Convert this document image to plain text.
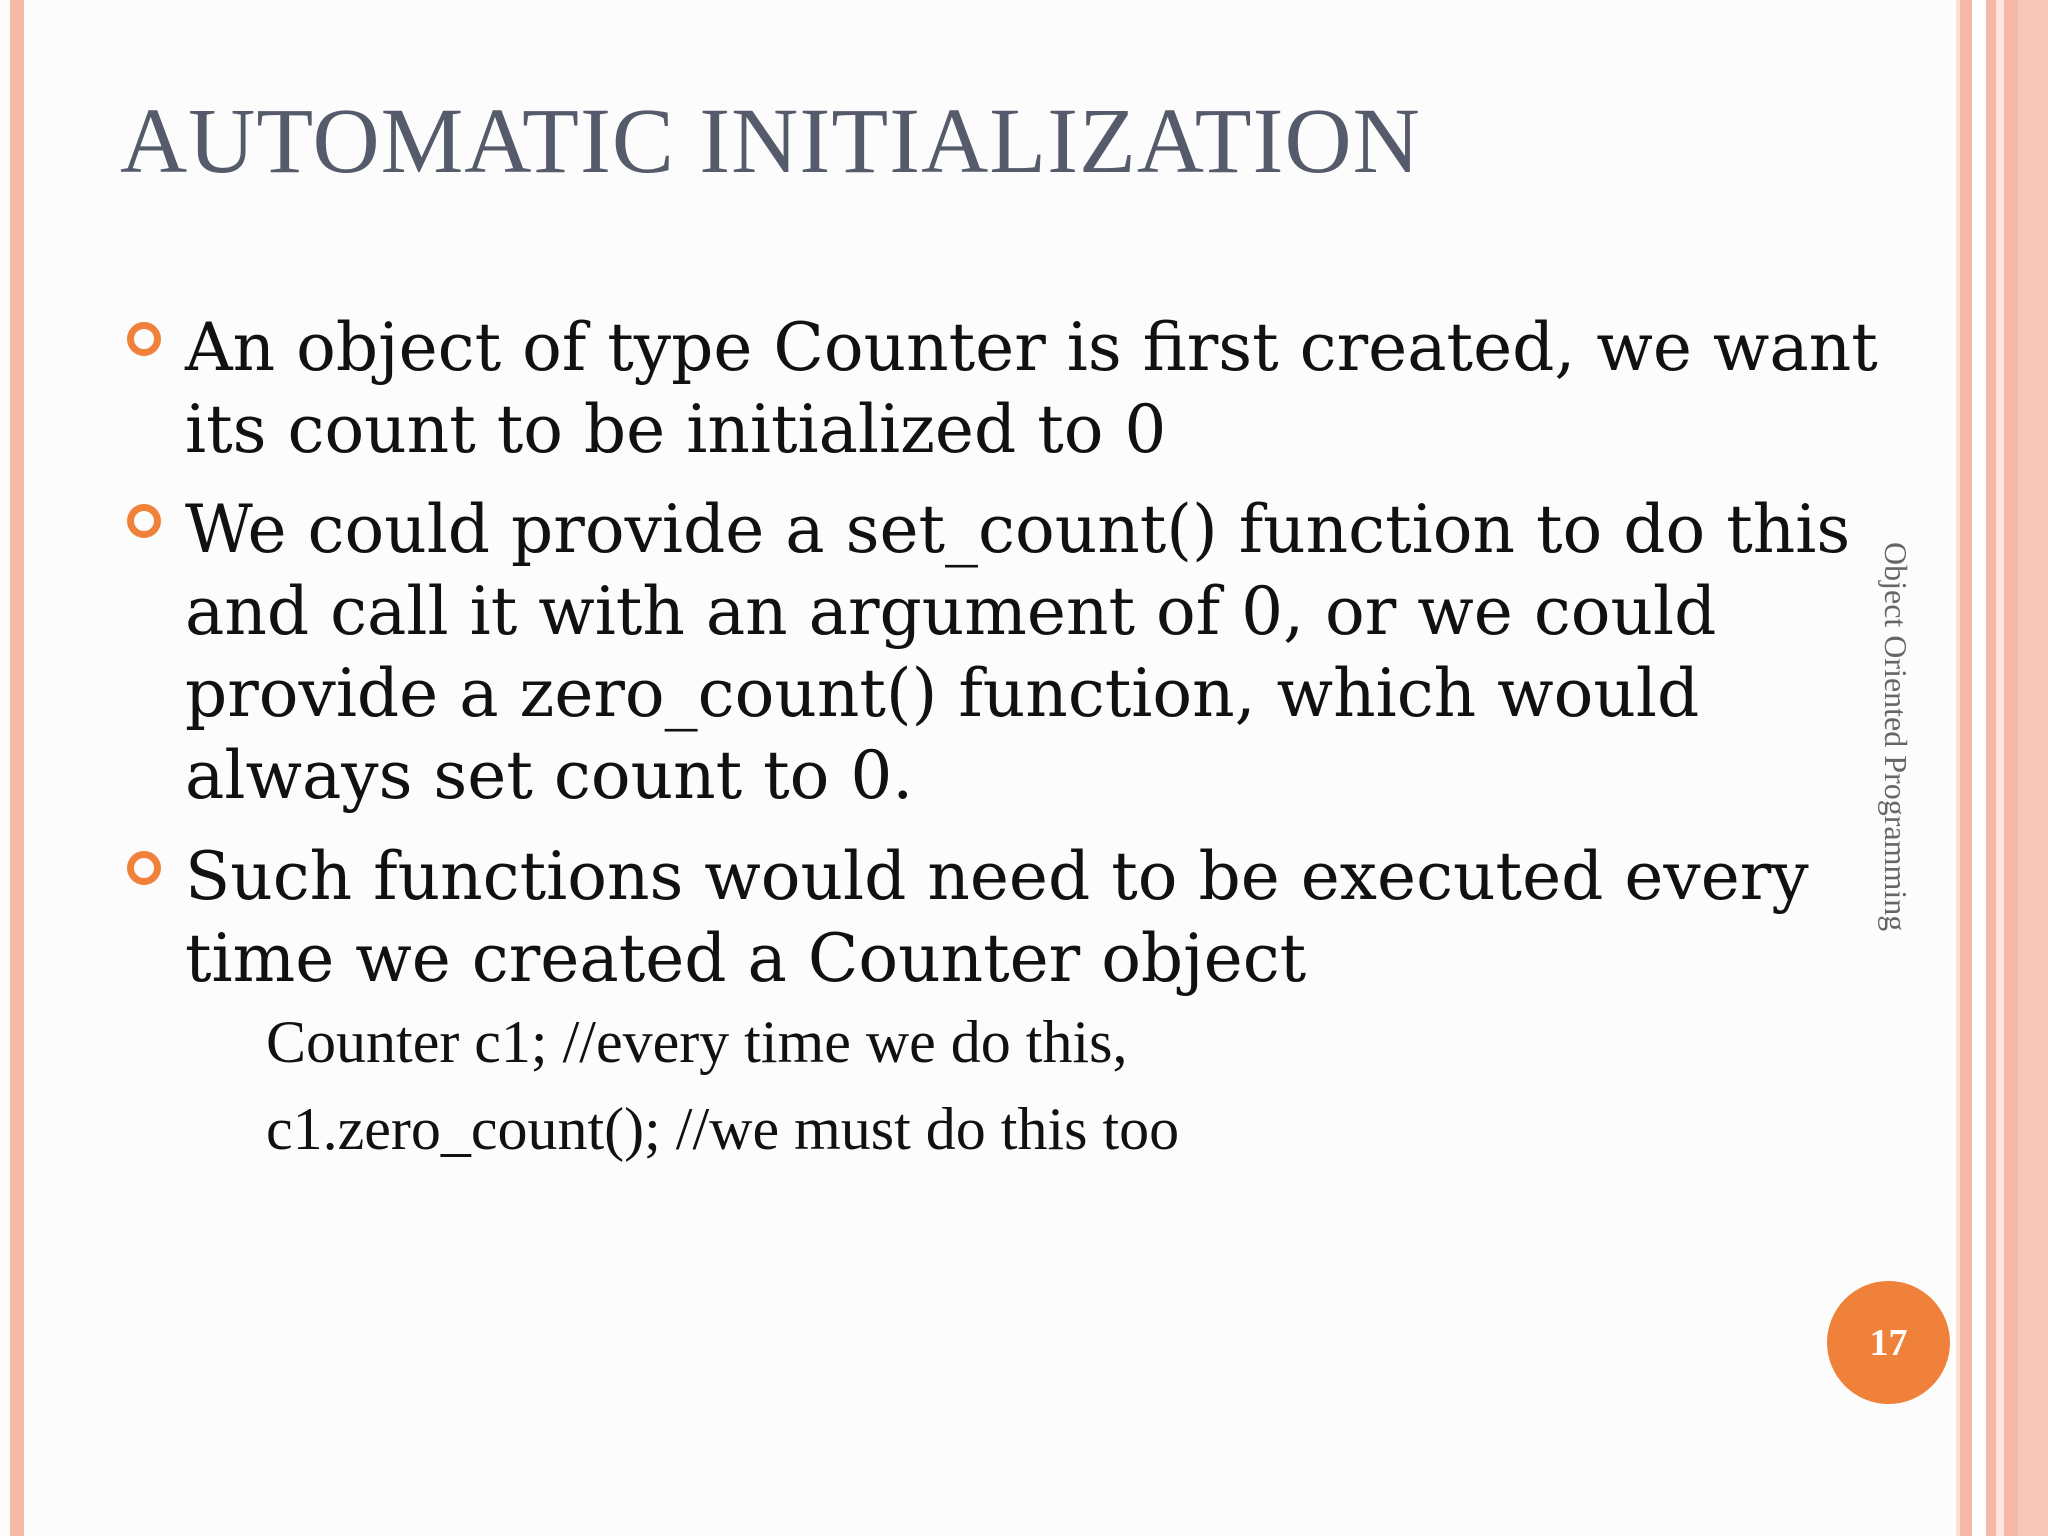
AUTOMATIC INITIALIZATION

An object of type Counter is first created, we want its count to be initialized to 0

We could provide a set_count() function to do this and call it with an argument of 0, or we could provide a zero_count() function, which would always set count to 0.

Such functions would need to be executed every time we created a Counter object

Counter c1; //every time we do this,

c1.zero_count(); //we must do this too

Object Oriented Programming
17
